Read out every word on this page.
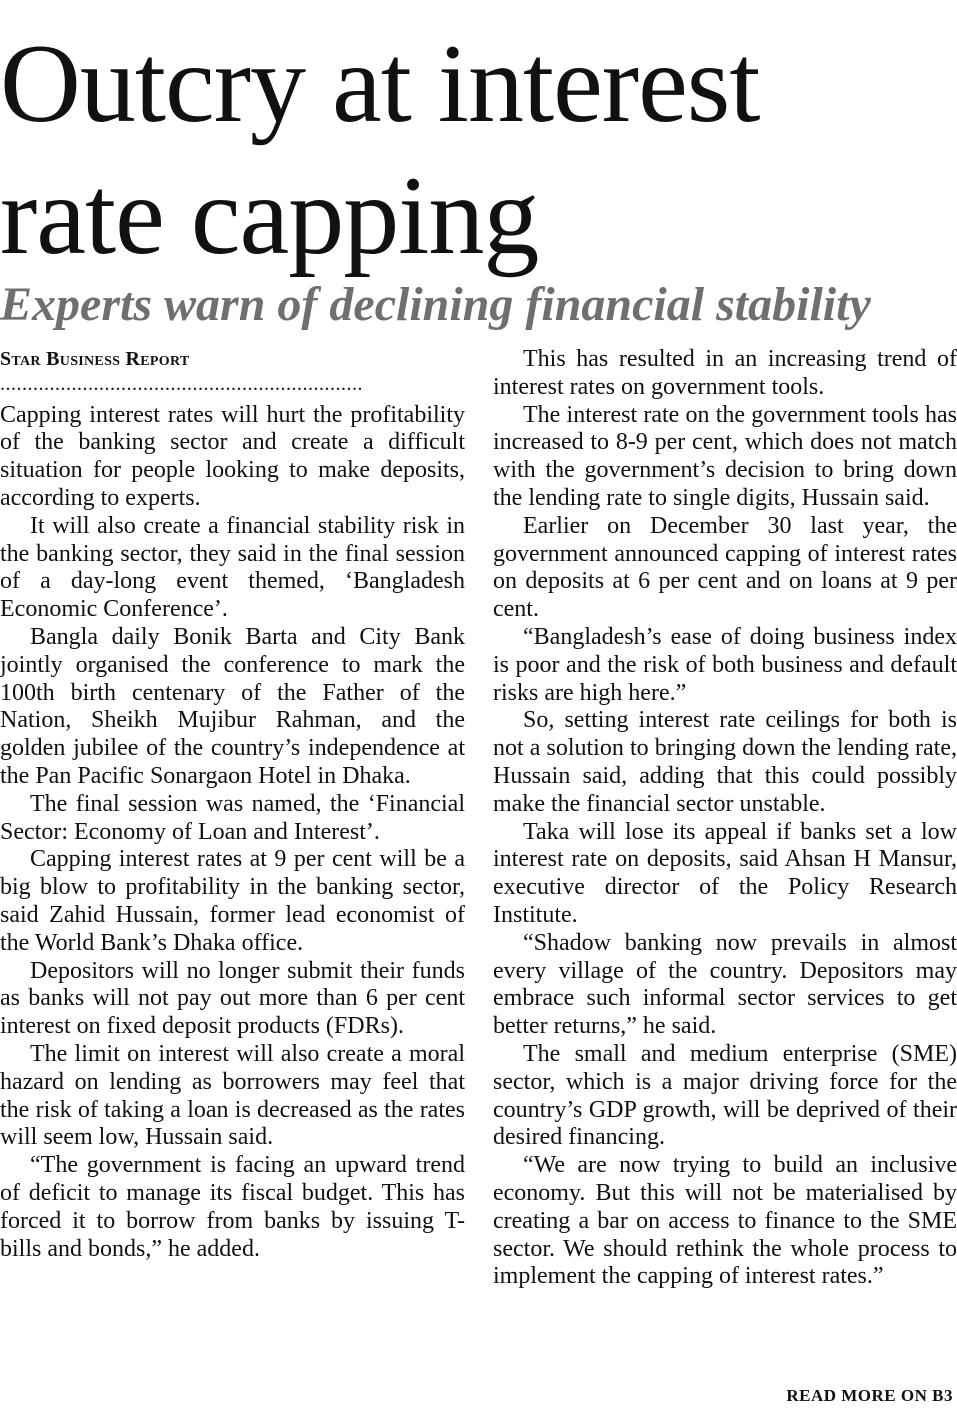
Outcry at interest
rate capping
Experts warn of declining financial stability

Star Business Report

..................................................................

Capping interest rates will hurt the profitability of the banking sector and create a difficult situation for people looking to make deposits, according to experts.

It will also create a financial stability risk in the banking sector, they said in the final session of a day-long event themed, ‘Bangladesh Economic Conference’.

Bangla daily Bonik Barta and City Bank jointly organised the conference to mark the 100th birth centenary of the Father of the Nation, Sheikh Mujibur Rahman, and the golden jubilee of the country’s independence at the Pan Pacific Sonargaon Hotel in Dhaka.

The final session was named, the ‘Financial Sector: Economy of Loan and Interest’.

Capping interest rates at 9 per cent will be a big blow to profitability in the banking sector, said Zahid Hussain, former lead economist of the World Bank’s Dhaka office.

Depositors will no longer submit their funds as banks will not pay out more than 6 per cent interest on fixed deposit products (FDRs).

The limit on interest will also create a moral hazard on lending as borrowers may feel that the risk of taking a loan is decreased as the rates will seem low, Hussain said.

“The government is facing an upward trend of deficit to manage its fiscal budget. This has forced it to borrow from banks by issuing T-bills and bonds,” he added.

This has resulted in an increasing trend of interest rates on government tools.

The interest rate on the government tools has increased to 8-9 per cent, which does not match with the government’s decision to bring down the lending rate to single digits, Hussain said.

Earlier on December 30 last year, the government announced capping of interest rates on deposits at 6 per cent and on loans at 9 per cent.

“Bangladesh’s ease of doing business index is poor and the risk of both business and default risks are high here.”

So, setting interest rate ceilings for both is not a solution to bringing down the lending rate, Hussain said, adding that this could possibly make the financial sector unstable.

Taka will lose its appeal if banks set a low interest rate on deposits, said Ahsan H Mansur, executive director of the Policy Research Institute.

“Shadow banking now prevails in almost every village of the country. Depositors may embrace such informal sector services to get better returns,” he said.

The small and medium enterprise (SME) sector, which is a major driving force for the country’s GDP growth, will be deprived of their desired financing.

“We are now trying to build an inclusive economy. But this will not be materialised by creating a bar on access to finance to the SME sector. We should rethink the whole process to implement the capping of interest rates.”

READ MORE ON B3
